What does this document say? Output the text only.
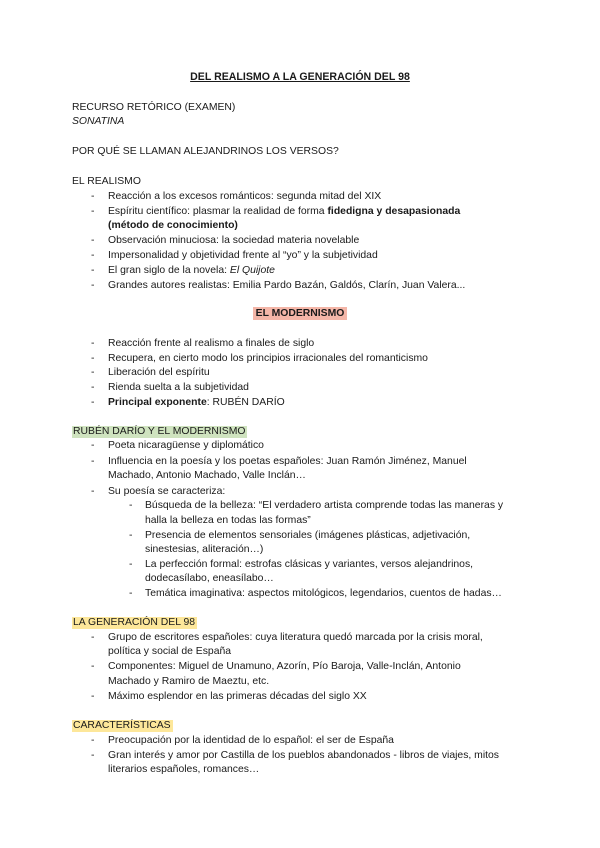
DEL REALISMO A LA GENERACIÓN DEL 98
RECURSO RETÓRICO (EXAMEN)
SONATINA
POR QUÉ SE LLAMAN ALEJANDRINOS LOS VERSOS?
EL REALISMO
- Reacción a los excesos románticos: segunda mitad del XIX
- Espíritu científico: plasmar la realidad de forma fidedigna y desapasionada
(método de conocimiento)
- Observación minuciosa: la sociedad materia novelable
- Impersonalidad y objetividad frente al “yo” y la subjetividad
- El gran siglo de la novela: El Quijote
- Grandes autores realistas: Emilia Pardo Bazán, Galdós, Clarín, Juan Valera...
EL MODERNISMO
- Reacción frente al realismo a finales de siglo
- Recupera, en cierto modo los principios irracionales del romanticismo
- Liberación del espíritu
- Rienda suelta a la subjetividad
- Principal exponente: RUBÉN DARÍO
RUBÉN DARÍO Y EL MODERNISMO
- Poeta nicaragüense y diplomático
- Influencia en la poesía y los poetas españoles: Juan Ramón Jiménez, Manuel
Machado, Antonio Machado, Valle Inclán…
- Su poesía se caracteriza:
- Búsqueda de la belleza: “El verdadero artista comprende todas las maneras y
halla la belleza en todas las formas”
- Presencia de elementos sensoriales (imágenes plásticas, adjetivación,
sinestesias, aliteración…)
- La perfección formal: estrofas clásicas y variantes, versos alejandrinos,
dodecasílabo, eneasílabo…
- Temática imaginativa: aspectos mitológicos, legendarios, cuentos de hadas…
LA GENERACIÓN DEL 98
- Grupo de escritores españoles: cuya literatura quedó marcada por la crisis moral,
política y social de España
- Componentes: Miguel de Unamuno, Azorín, Pío Baroja, Valle-Inclán, Antonio
Machado y Ramiro de Maeztu, etc.
- Máximo esplendor en las primeras décadas del siglo XX
CARACTERÍSTICAS
- Preocupación por la identidad de lo español: el ser de España
- Gran interés y amor por Castilla de los pueblos abandonados - libros de viajes, mitos
literarios españoles, romances…
